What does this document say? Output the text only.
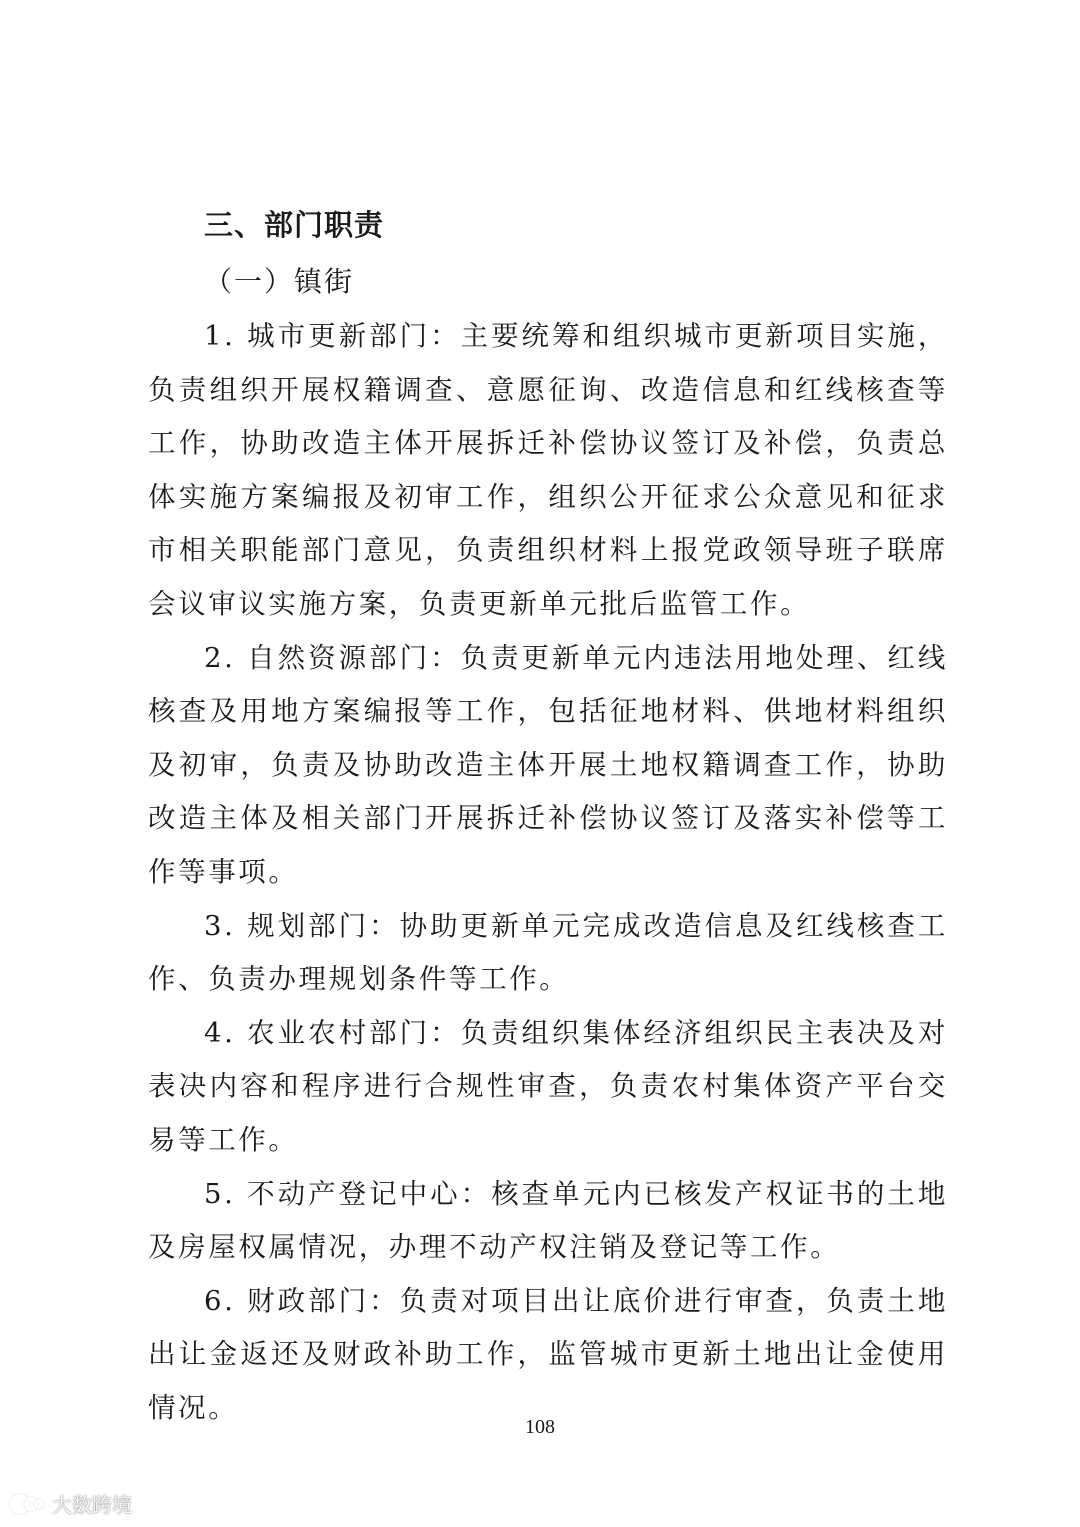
三、部门职责

（一）镇街

1. 城市更新部门：主要统筹和组织城市更新项目实施，负责组织开展权籍调查、意愿征询、改造信息和红线核查等工作，协助改造主体开展拆迁补偿协议签订及补偿，负责总体实施方案编报及初审工作，组织公开征求公众意见和征求市相关职能部门意见，负责组织材料上报党政领导班子联席会议审议实施方案，负责更新单元批后监管工作。

2. 自然资源部门：负责更新单元内违法用地处理、红线核查及用地方案编报等工作，包括征地材料、供地材料组织及初审，负责及协助改造主体开展土地权籍调查工作，协助改造主体及相关部门开展拆迁补偿协议签订及落实补偿等工作等事项。

3. 规划部门：协助更新单元完成改造信息及红线核查工作、负责办理规划条件等工作。

4. 农业农村部门：负责组织集体经济组织民主表决及对表决内容和程序进行合规性审查，负责农村集体资产平台交易等工作。

5. 不动产登记中心：核查单元内已核发产权证书的土地及房屋权属情况，办理不动产权注销及登记等工作。

6. 财政部门：负责对项目出让底价进行审查，负责土地出让金返还及财政补助工作，监管城市更新土地出让金使用情况。

108
大数跨境
